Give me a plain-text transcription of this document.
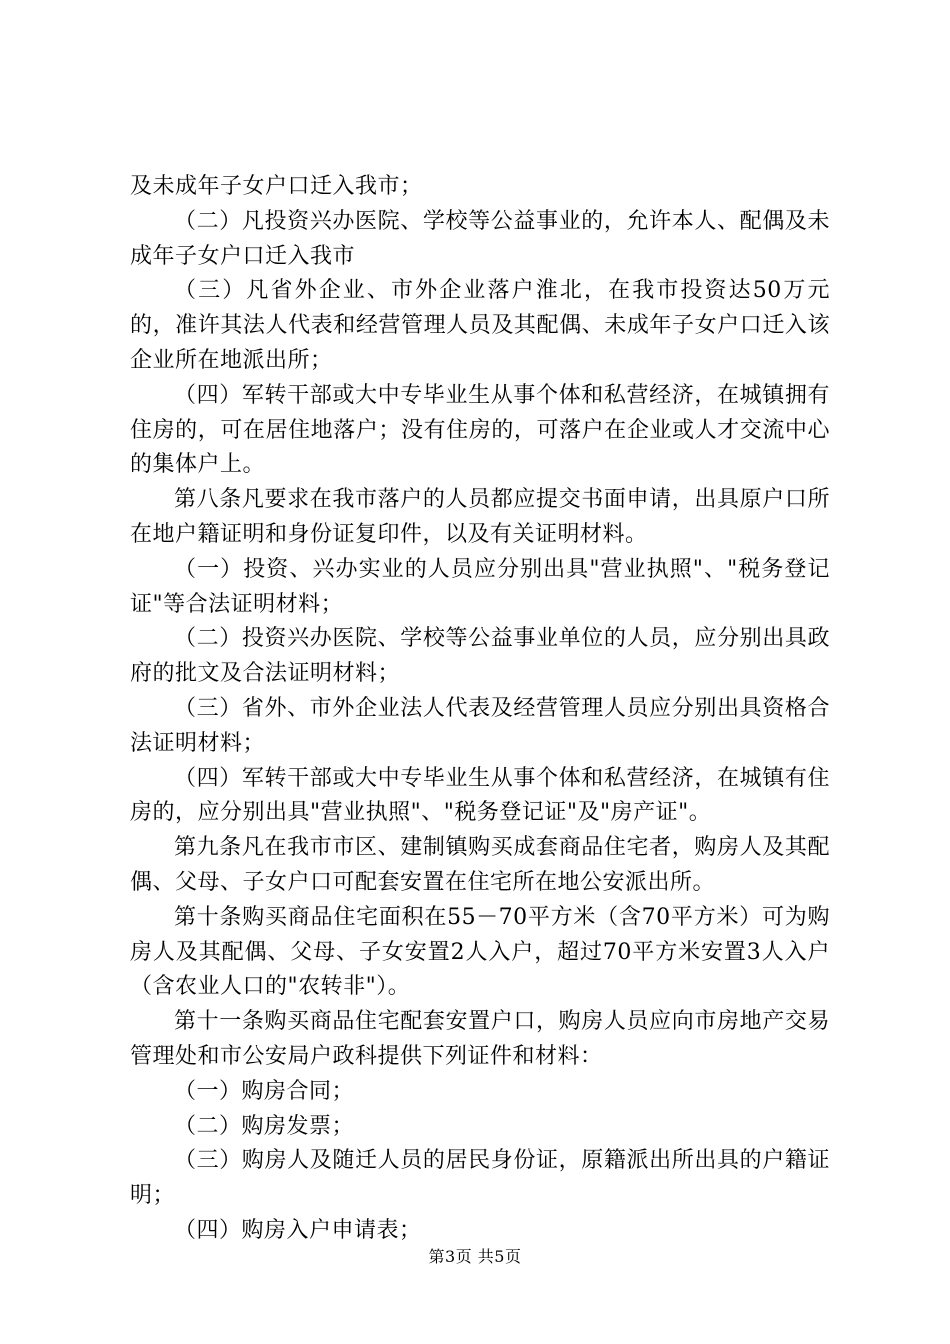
及未成年子女户口迁入我市；

（二）凡投资兴办医院、学校等公益事业的，允许本人、配偶及未成年子女户口迁入我市

（三）凡省外企业、市外企业落户淮北，在我市投资达50万元的，准许其法人代表和经营管理人员及其配偶、未成年子女户口迁入该企业所在地派出所；

（四）军转干部或大中专毕业生从事个体和私营经济，在城镇拥有住房的，可在居住地落户；没有住房的，可落户在企业或人才交流中心的集体户上。

第八条凡要求在我市落户的人员都应提交书面申请，出具原户口所在地户籍证明和身份证复印件，以及有关证明材料。

（一）投资、兴办实业的人员应分别出具"营业执照"、"税务登记证"等合法证明材料；

（二）投资兴办医院、学校等公益事业单位的人员，应分别出具政府的批文及合法证明材料；

（三）省外、市外企业法人代表及经营管理人员应分别出具资格合法证明材料；

（四）军转干部或大中专毕业生从事个体和私营经济，在城镇有住房的，应分别出具"营业执照"、"税务登记证"及"房产证"。

第九条凡在我市市区、建制镇购买成套商品住宅者，购房人及其配偶、父母、子女户口可配套安置在住宅所在地公安派出所。

第十条购买商品住宅面积在55－70平方米（含70平方米）可为购房人及其配偶、父母、子女安置2人入户，超过70平方米安置3人入户（含农业人口的"农转非"）。

第十一条购买商品住宅配套安置户口，购房人员应向市房地产交易管理处和市公安局户政科提供下列证件和材料：

（一）购房合同；

（二）购房发票；

（三）购房人及随迁人员的居民身份证，原籍派出所出具的户籍证明；

（四）购房入户申请表；

第3页 共5页
